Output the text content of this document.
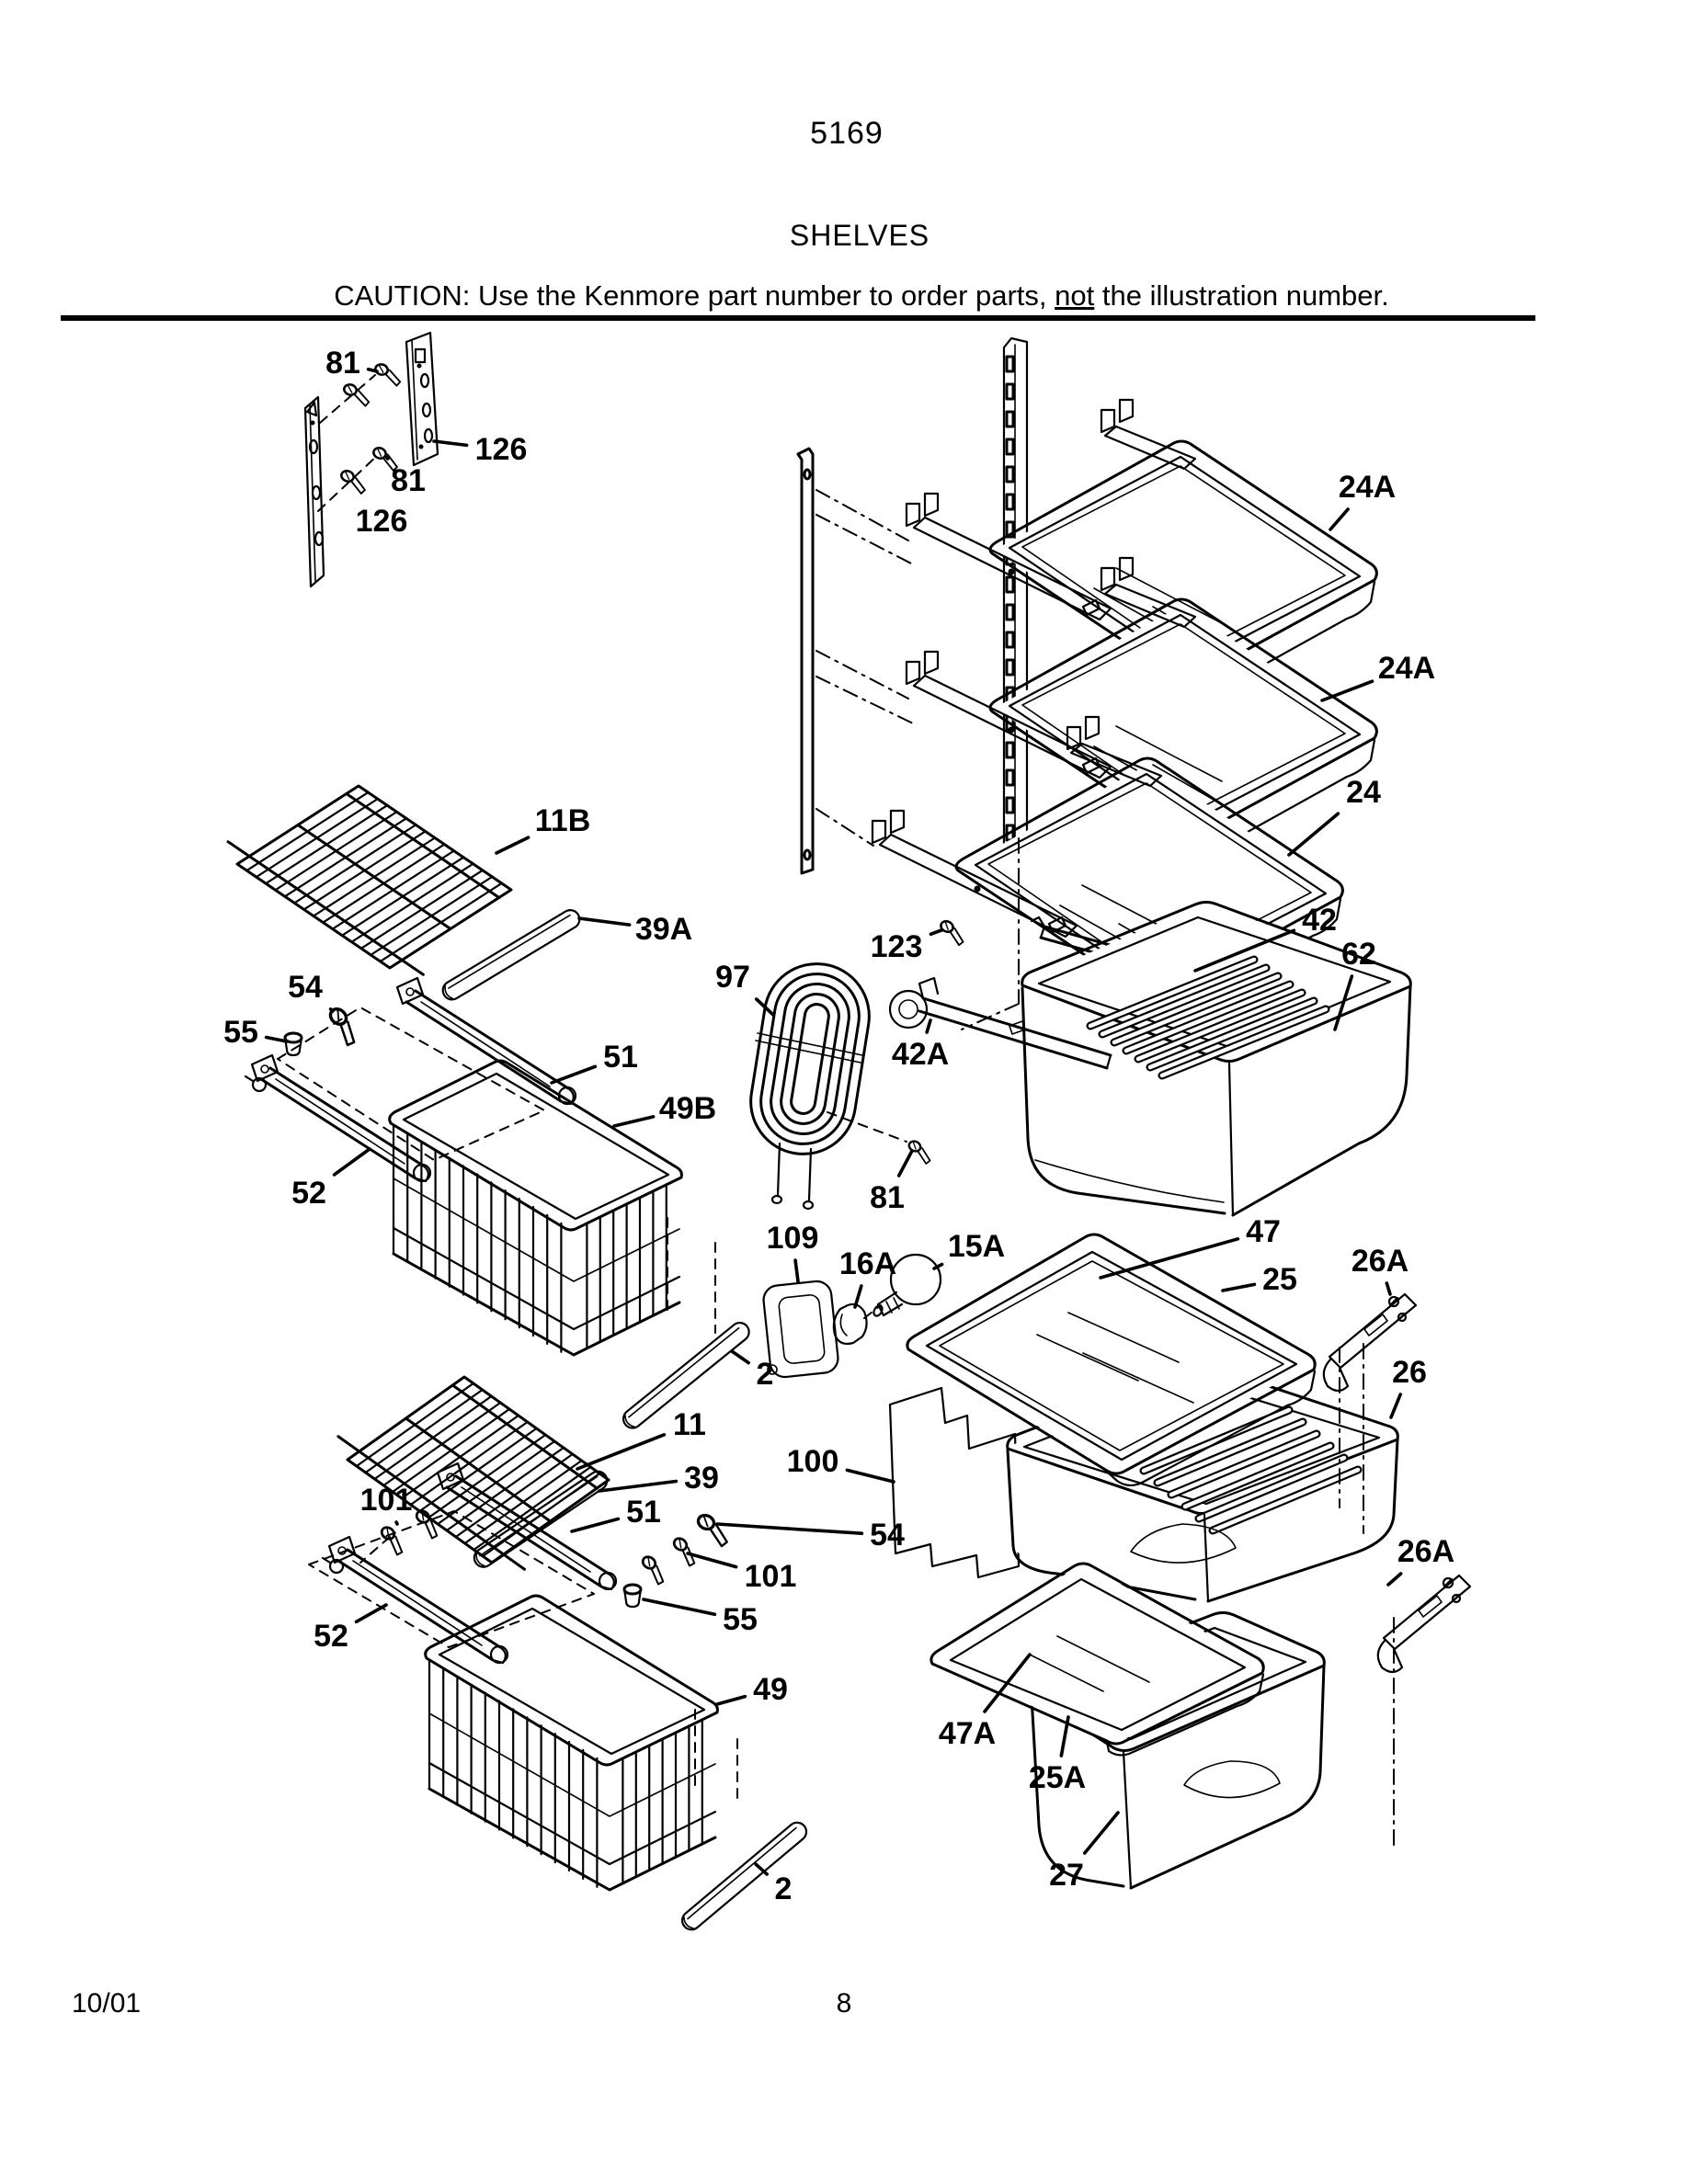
5169
SHELVES
CAUTION: Use the Kenmore part number to order parts, not the illustration number.
81
126
81
126
24A
24A
24
11B
39A
97
123
42
62
54
55
51	42A
49B
52	81
109
16A 15A	47
25
26A
26
2
11
100
39
101	51
54
101
26A
55
52
49
47A
25A
2	27
10/01	8
